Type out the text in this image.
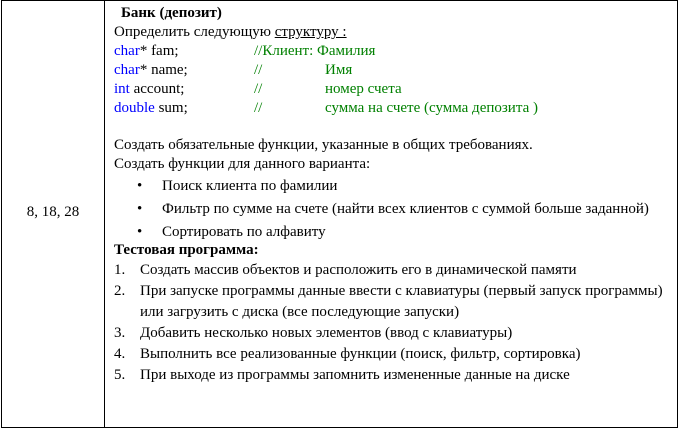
8, 18, 28
Банк (депозит)
Определить следующую структуру :
char* fam;	//Клиент: Фамилия
char* name;	//	Имя
int account;	//	номер счета
double sum;	//	сумма на счете (сумма депозита )
Создать обязательные функции, указанные в общих требованиях.
Создать функции для данного варианта:
• Поиск клиента по фамилии
• Фильтр по сумме на счете (найти всех клиентов с суммой больше заданной)
• Сортировать по алфавиту
Тестовая программа:
1. Создать массив объектов и расположить его в динамической памяти
2. При запуске программы данные ввести с клавиатуры (первый запуск программы) или загрузить с диска (все последующие запуски)
3. Добавить несколько новых элементов (ввод с клавиатуры)
4. Выполнить все реализованные функции (поиск, фильтр, сортировка)
5. При выходе из программы запомнить измененные данные на диске
